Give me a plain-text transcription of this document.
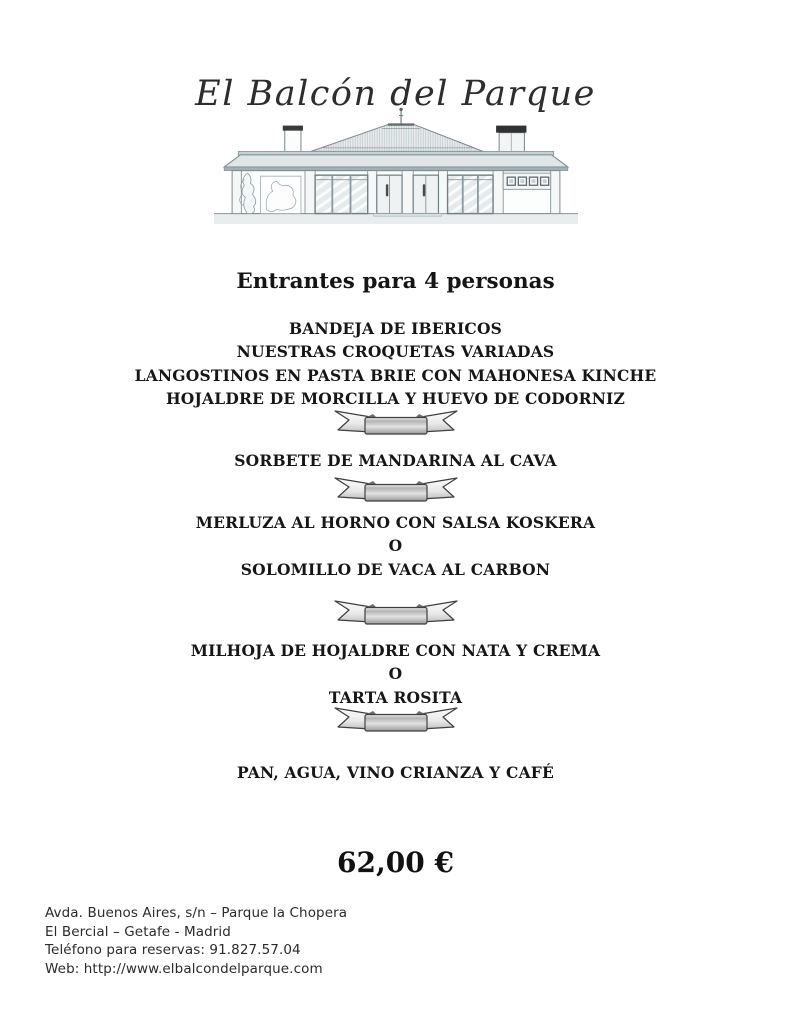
El Balcón del Parque
Entrantes para 4 personas
BANDEJA DE IBERICOS
NUESTRAS CROQUETAS VARIADAS
LANGOSTINOS EN PASTA BRIE CON MAHONESA KINCHE
HOJALDRE DE MORCILLA Y HUEVO DE CODORNIZ
SORBETE DE MANDARINA AL CAVA
MERLUZA AL HORNO CON SALSA KOSKERA
O
SOLOMILLO DE VACA AL CARBON
MILHOJA DE HOJALDRE CON NATA Y CREMA
O
TARTA ROSITA
PAN, AGUA, VINO CRIANZA Y CAFÉ
62,00 €
Avda. Buenos Aires, s/n – Parque la Chopera
El Bercial – Getafe - Madrid
Teléfono para reservas: 91.827.57.04
Web: http://www.elbalcondelparque.com
